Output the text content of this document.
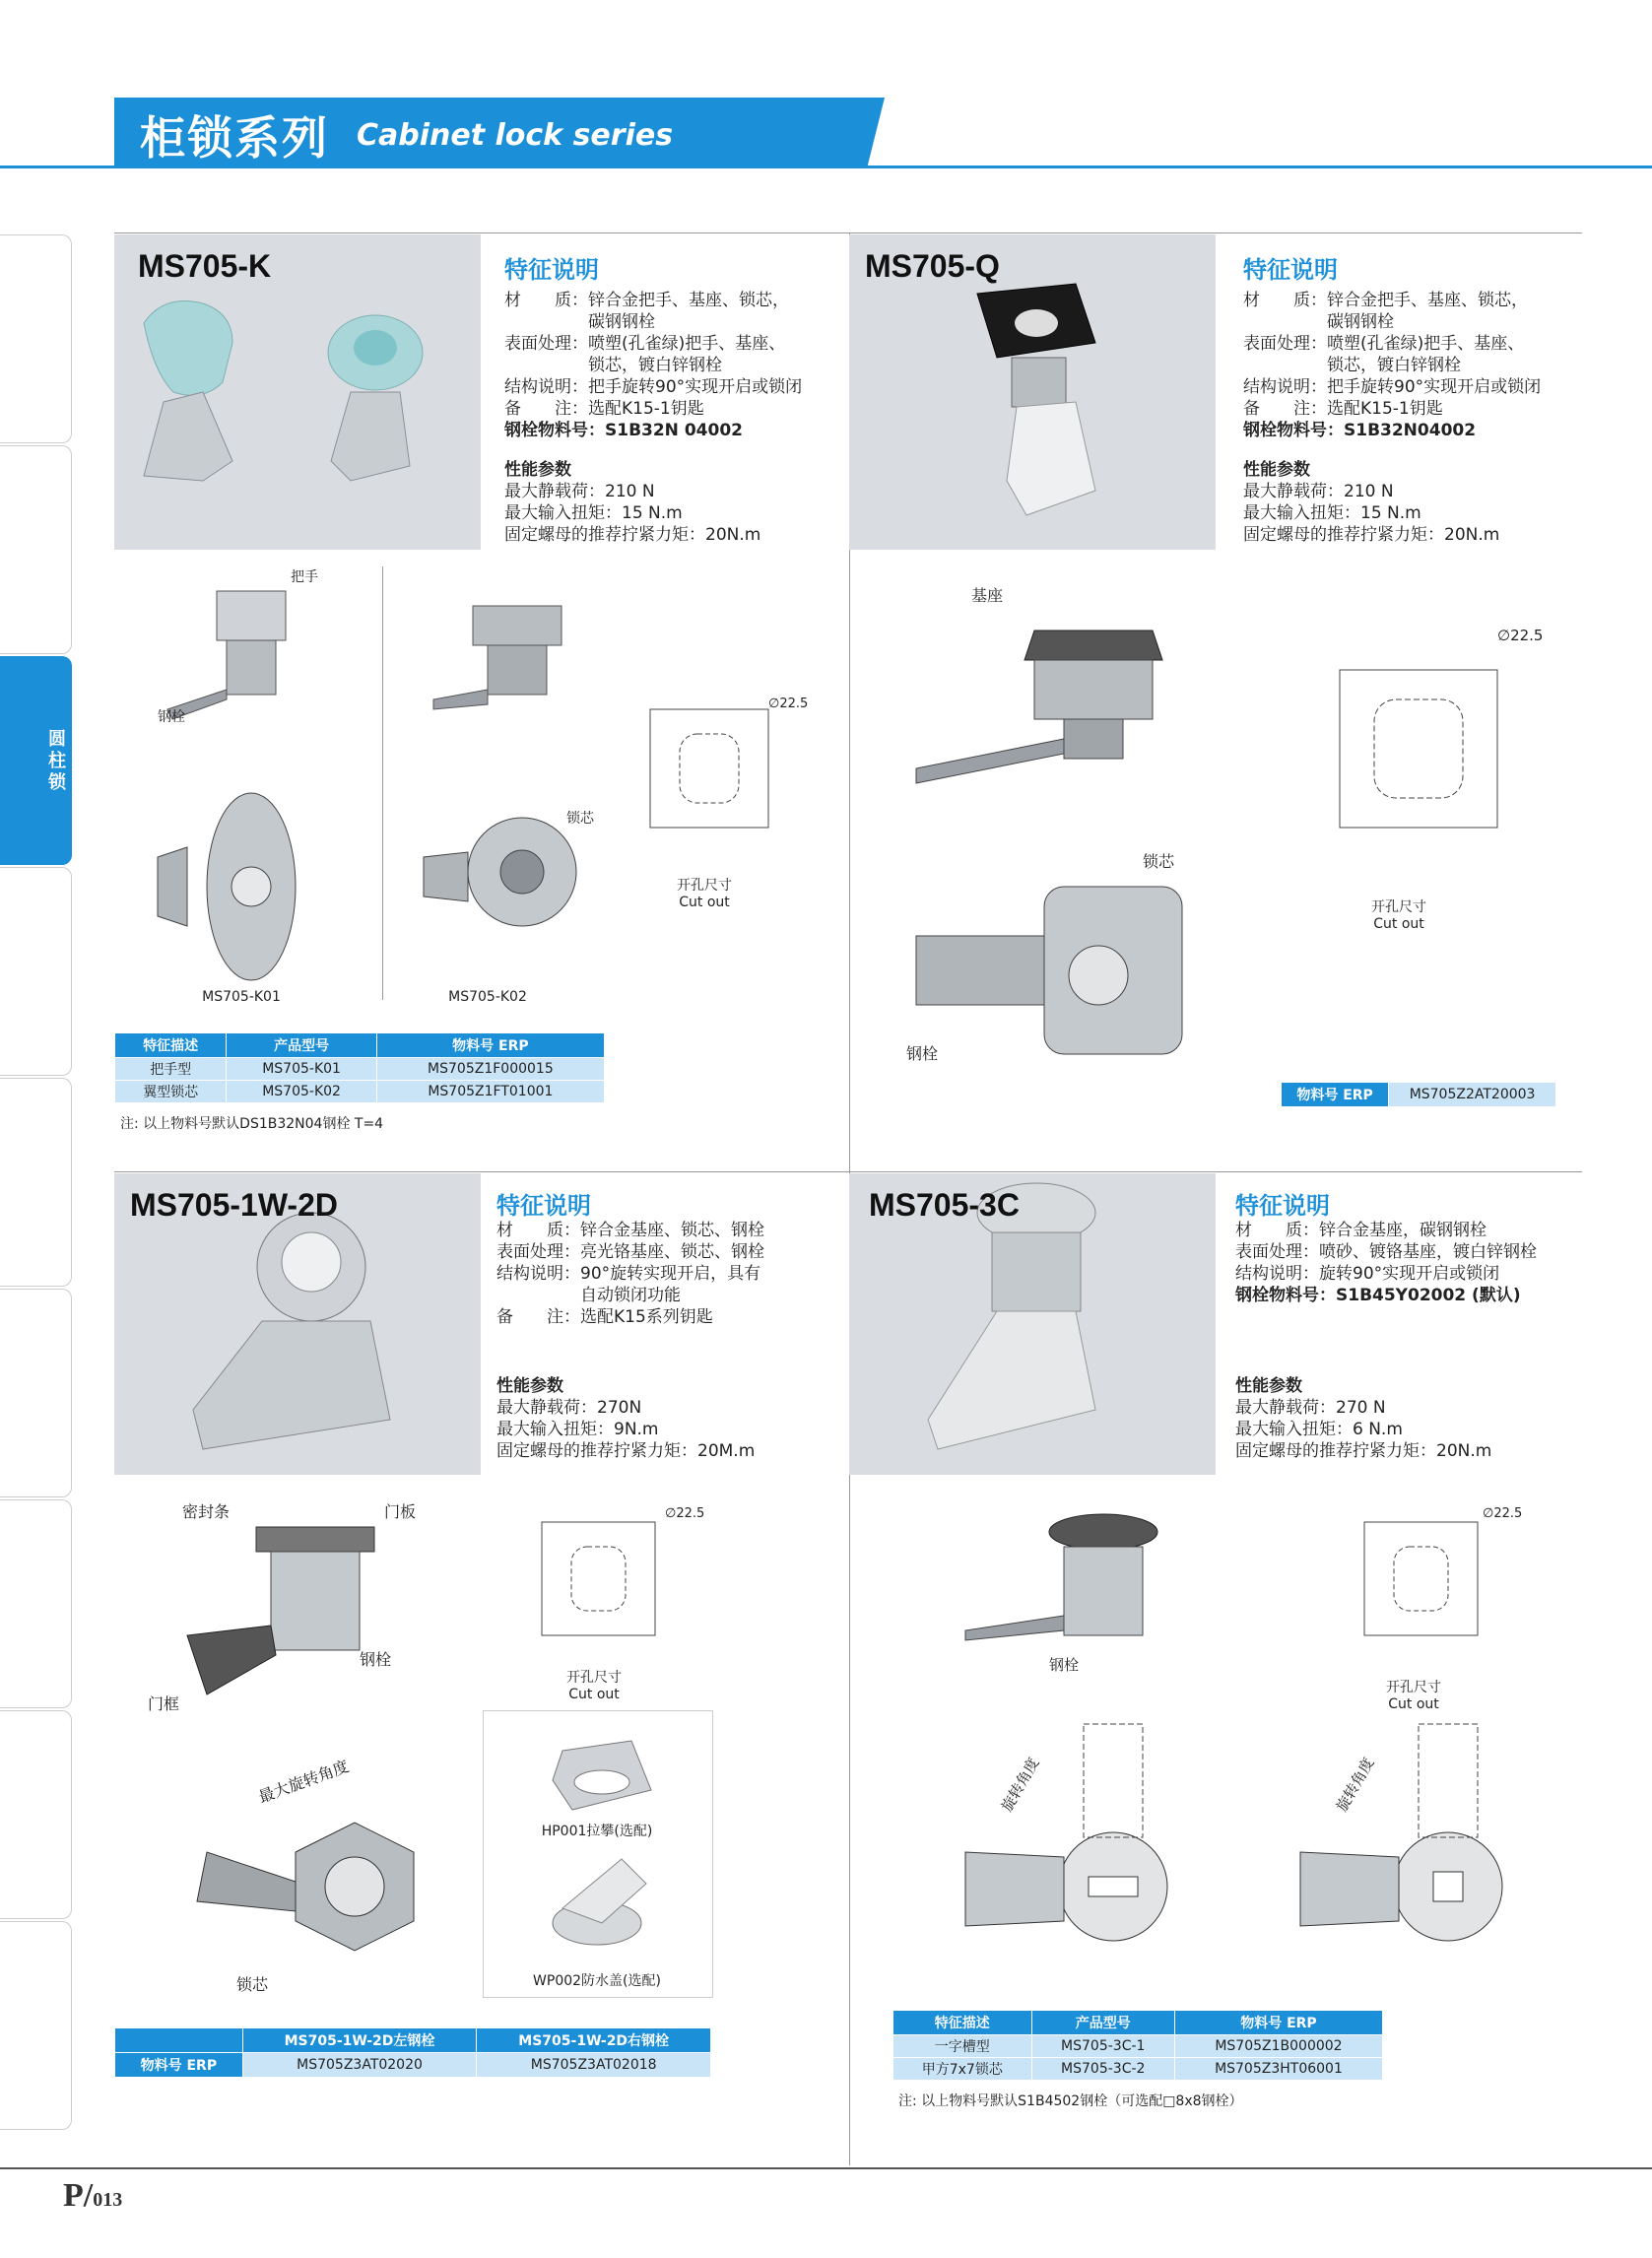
柜锁系列 Cabinet lock series
圆柱锁
MS705-K	特征说明
材　　质：锌合金把手、基座、锁芯，
　　　　　碳钢钢栓
表面处理：喷塑(孔雀绿)把手、基座、
　　　　　锁芯，镀白锌钢栓
结构说明：把手旋转90°实现开启或锁闭
备　　注：选配K15-1钥匙
钢栓物料号：S1B32N 04002
性能参数
最大静载荷：210 N
最大输入扭矩：15 N.m
固定螺母的推荐拧紧力矩：20N.m
把手
钢栓
MS705-K01
锁芯
MS705-K02
∅22.5
开孔尺寸
Cut out
特征描述	产品型号	物料号 ERP
把手型	MS705-K01	MS705Z1F000015
翼型锁芯	MS705-K02	MS705Z1FT01001
注: 以上物料号默认DS1B32N04钢栓 T=4
MS705-Q	特征说明
材　　质：锌合金把手、基座、锁芯，
　　　　　碳钢钢栓
表面处理：喷塑(孔雀绿)把手、基座、
　　　　　锁芯，镀白锌钢栓
结构说明：把手旋转90°实现开启或锁闭
备　　注：选配K15-1钥匙
钢栓物料号：S1B32N04002
性能参数
最大静载荷：210 N
最大输入扭矩：15 N.m
固定螺母的推荐拧紧力矩：20N.m
基座
锁芯
钢栓
∅22.5
开孔尺寸
Cut out
物料号 ERP	MS705Z2AT20003
MS705-1W-2D	特征说明
材　　质：锌合金基座、锁芯、钢栓
表面处理：亮光铬基座、锁芯、钢栓
结构说明：90°旋转实现开启，具有
　　　　　自动锁闭功能
备　　注：选配K15系列钥匙
性能参数
最大静载荷：270N
最大输入扭矩：9N.m
固定螺母的推荐拧紧力矩：20M.m
密封条	门板
钢栓
门框
最大旋转角度
锁芯
∅22.5
开孔尺寸
Cut out
HP001拉攀(选配)
WP002防水盖(选配)
	MS705-1W-2D左钢栓	MS705-1W-2D右钢栓
物料号 ERP	MS705Z3AT02020	MS705Z3AT02018
MS705-3C	特征说明
材　　质：锌合金基座，碳钢钢栓
表面处理：喷砂、镀铬基座，镀白锌钢栓
结构说明：旋转90°实现开启或锁闭
钢栓物料号：S1B45Y02002 (默认)
性能参数
最大静载荷：270 N
最大输入扭矩：6 N.m
固定螺母的推荐拧紧力矩：20N.m
钢栓
∅22.5
开孔尺寸
Cut out
旋转角度	旋转角度
特征描述	产品型号	物料号 ERP
一字槽型	MS705-3C-1	MS705Z1B000002
甲方7x7锁芯	MS705-3C-2	MS705Z3HT06001
注: 以上物料号默认S1B4502钢栓（可选配□8x8钢栓）
P/013
